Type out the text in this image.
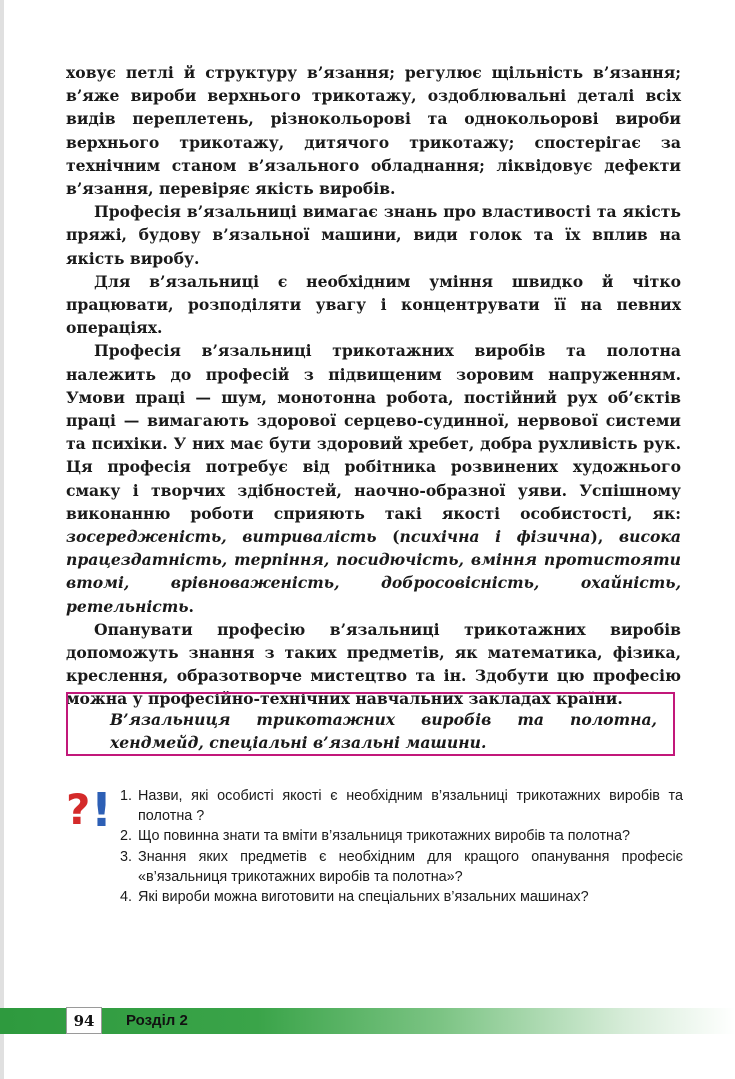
ховує петлі й структуру в’язання; регулює щільність в’язання; в’яже вироби верхнього трикотажу, оздоблювальні деталі всіх видів переплетень, різнокольорові та однокольорові вироби верхнього трикотажу, дитячого трикотажу; спостерігає за технічним станом в’язального обладнання; ліквідовує дефекти в’язання, перевіряє якість виробів.

Професія в’язальниці вимагає знань про властивості та якість пряжі, будову в’язальної машини, види голок та їх вплив на якість виробу.

Для в’язальниці є необхідним уміння швидко й чітко працювати, розподіляти увагу і концентрувати її на певних операціях.

Професія в’язальниці трикотажних виробів та полотна належить до професій з підвищеним зоровим напруженням. Умови праці — шум, монотонна робота, постійний рух об’єктів праці — вимагають здорової серцево-судинної, нервової системи та психіки. У них має бути здоровий хребет, добра рухливість рук. Ця професія потребує від робітника розвинених художнього смаку і творчих здібностей, наочно-образної уяви. Успішному виконанню роботи сприяють такі якості особистості, як: зосередженість, витривалість (психічна і фізична), висока працездатність, терпіння, посидючість, вміння протистояти втомі, врівноваженість, добросовісність, охайність, ретельність.

Опанувати професію в’язальниці трикотажних виробів допоможуть знання з таких предметів, як математика, фізика, креслення, образотворче мистецтво та ін. Здобути цю професію можна у професійно-технічних навчальних закладах країни.

В’язальниця трикотажних виробів та полотна, хендмейд, спеціальні в’язальні машини.
? ! 1. Назви, які особисті якості є необхідним в’язальниці трикотажних виробів та полотна ?
2. Що повинна знати та вміти в’язальниця трикотажних виробів та полотна?
3. Знання яких предметів є необхідним для кращого опанування професіє «в’язальниця трикотажних виробів та полотна»?
4. Які вироби можна виготовити на спеціальних в’язальних машинах?
94	Розділ 2
